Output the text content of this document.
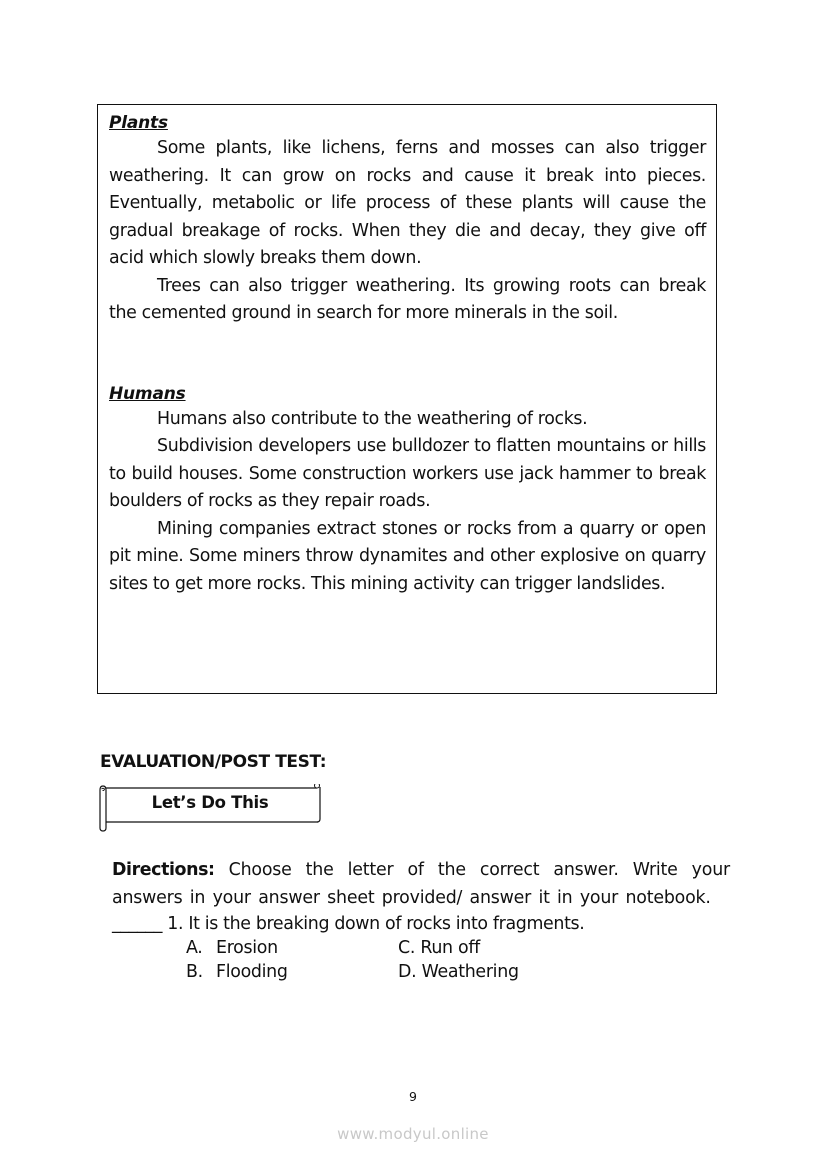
Plants

Some plants, like lichens, ferns and mosses can also trigger weathering. It can grow on rocks and cause it break into pieces. Eventually, metabolic or life process of these plants will cause the gradual breakage of rocks. When they die and decay, they give off acid which slowly breaks them down.

Trees can also trigger weathering. Its growing roots can break the cemented ground in search for more minerals in the soil.

Humans

Humans also contribute to the weathering of rocks.

Subdivision developers use bulldozer to flatten mountains or hills to build houses. Some construction workers use jack hammer to break boulders of rocks as they repair roads.

Mining companies extract stones or rocks from a quarry or open pit mine. Some miners throw dynamites and other explosive on quarry sites to get more rocks. This mining activity can trigger landslides.

EVALUATION/POST TEST:
Let’s Do This

Directions: Choose the letter of the correct answer. Write your answers in your answer sheet provided/ answer it in your notebook.

______ 1. It is the breaking down of rocks into fragments.

A. Erosion	C. Run off
B. Flooding	D. Weathering
9
www.modyul.online
